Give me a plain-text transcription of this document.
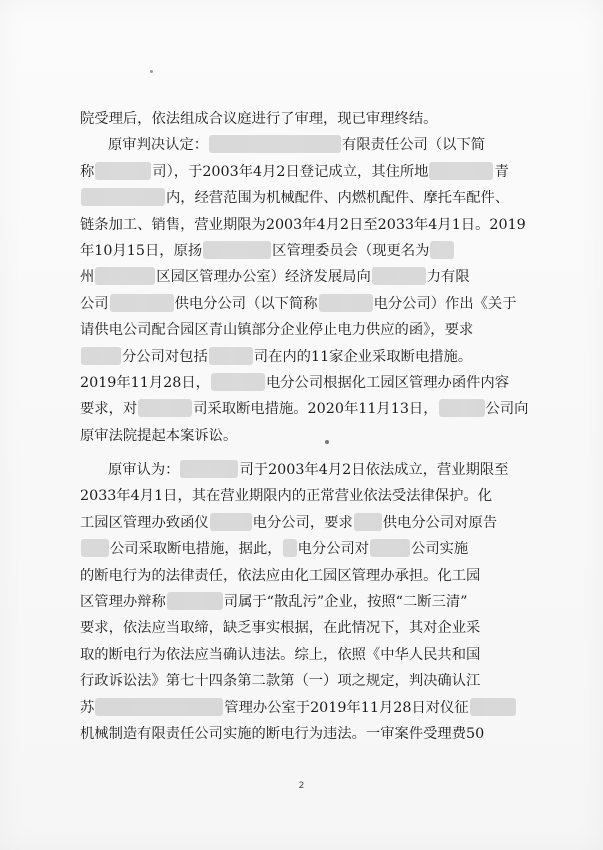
院受理后，依法组成合议庭进行了审理，现已审理终结。
原审判决认定：	有限责任公司（以下简
称	司），于2003年4月2日登记成立，其住所地	青
内，经营范围为机械配件、内燃机配件、摩托车配件、
链条加工、销售，营业期限为2003年4月2日至2033年4月1日。2019
年10月15日，原扬	区管理委员会（现更名为
州	区园区管理办公室）经济发展局向	力有限
公司	供电分公司（以下简称	电分公司）作出《关于
请供电公司配合园区青山镇部分企业停止电力供应的函》，要求
分公司对包括	司在内的11家企业采取断电措施。
2019年11月28日，	电分公司根据化工园区管理办函件内容
要求，对	司采取断电措施。2020年11月13日，	公司向
原审法院提起本案诉讼。
原审认为：	司于2003年4月2日依法成立，营业期限至
2033年4月1日，其在营业期限内的正常营业依法受法律保护。化
工园区管理办致函仪	电分公司，要求 供电分公司对原告
公司采取断电措施，据此， 电分公司对	公司实施
的断电行为的法律责任，依法应由化工园区管理办承担。化工园
区管理办辩称	司属于“散乱污”企业，按照“二断三清”
要求，依法应当取缔，缺乏事实根据，在此情况下，其对企业采
取的断电行为依法应当确认违法。综上，依照《中华人民共和国
行政诉讼法》第七十四条第二款第（一）项之规定，判决确认江
苏	管理办公室于2019年11月28日对仪征
机械制造有限责任公司实施的断电行为违法。一审案件受理费50
2
